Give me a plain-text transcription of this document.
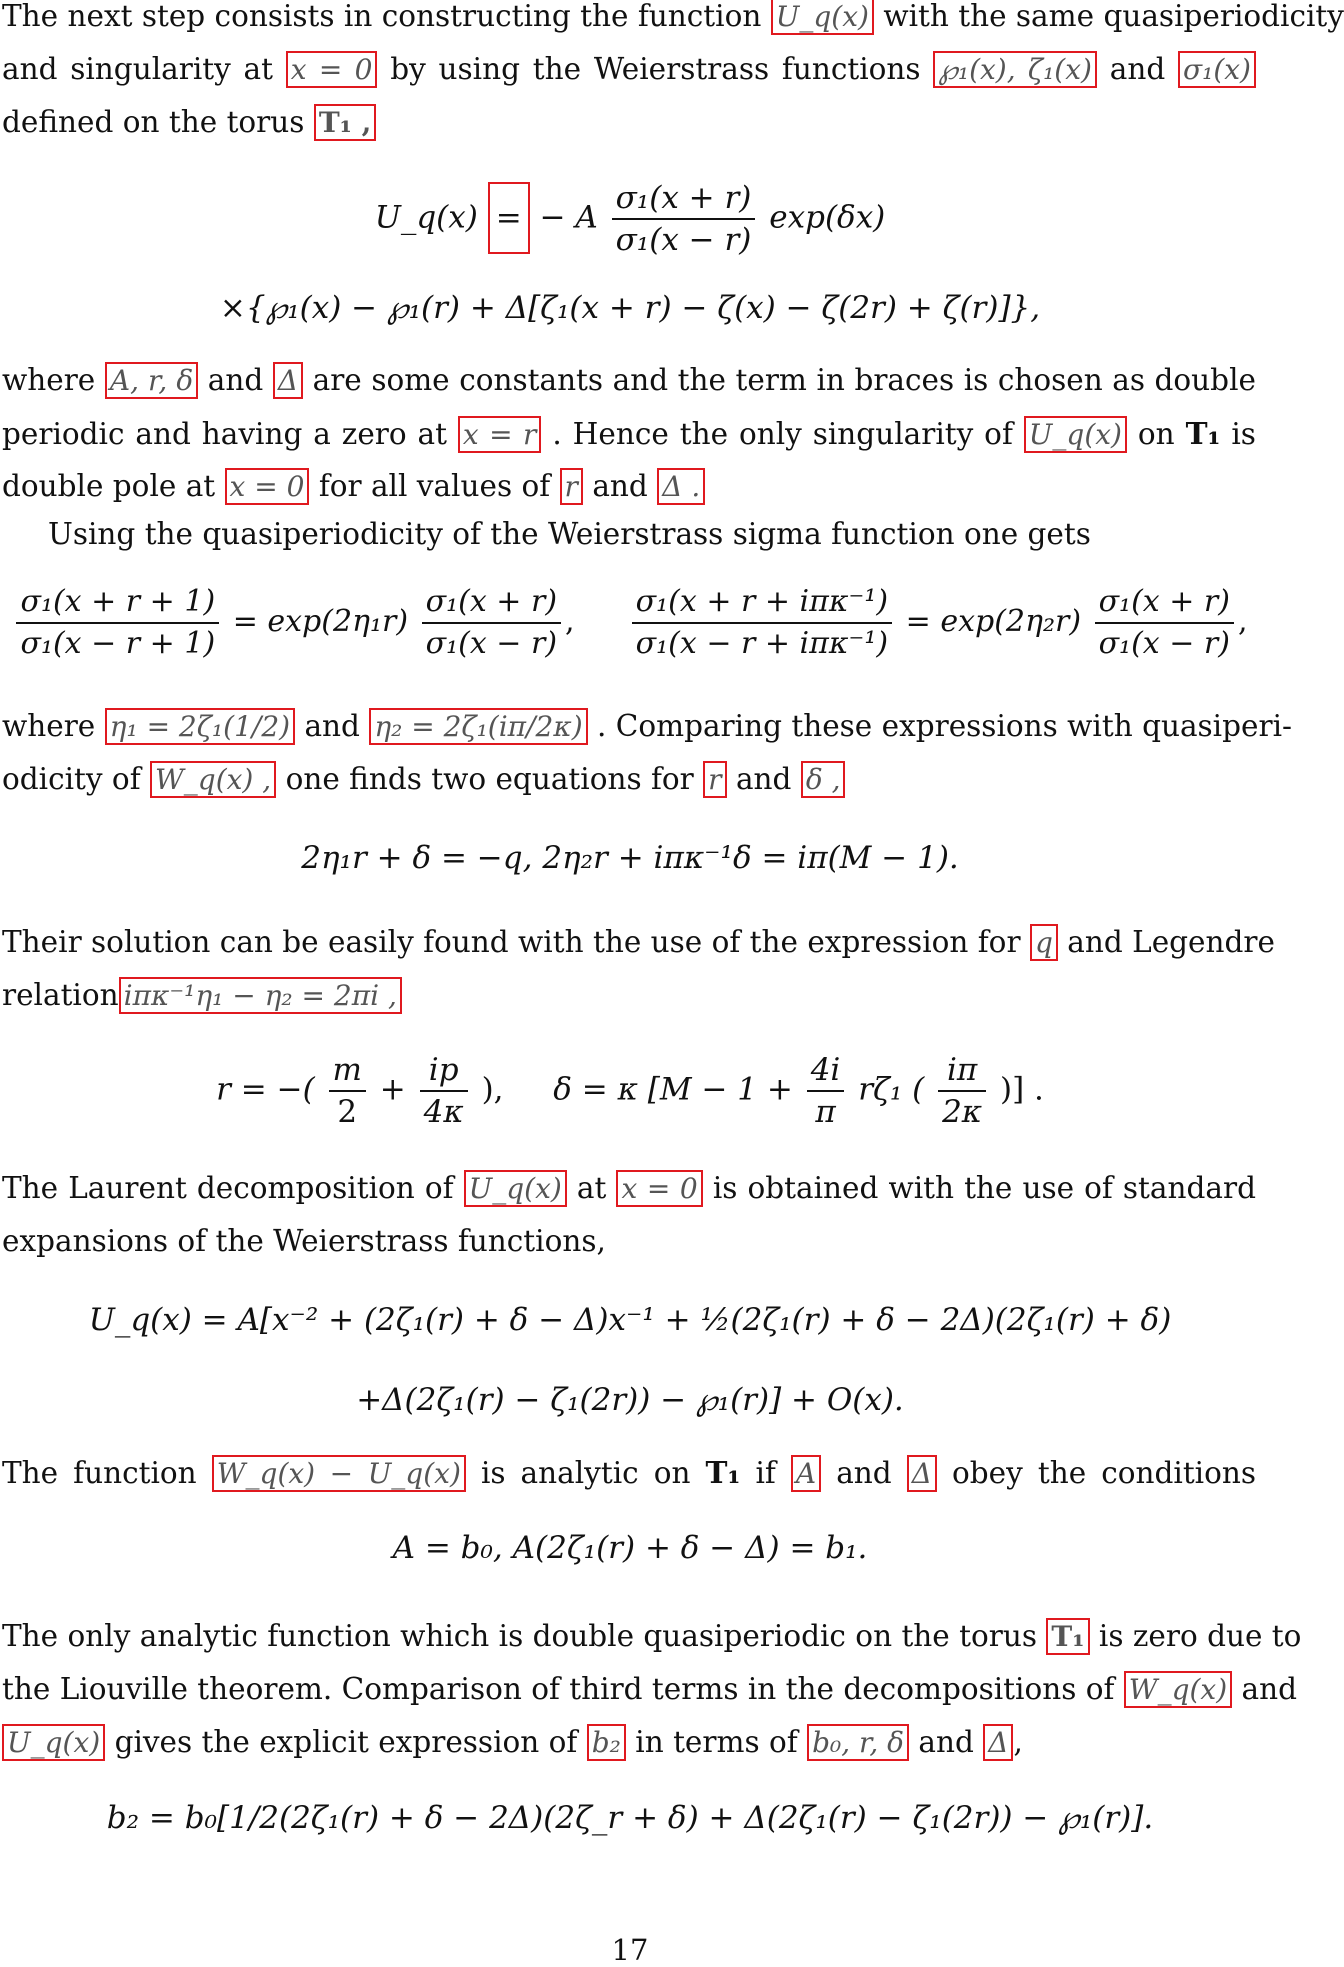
The next step consists in constructing the function U_q(x) with the same quasiperiodicity
and singularity at x = 0 by using the Weierstrass functions ℘₁(x), ζ₁(x) and σ₁(x)
defined on the torus T₁ ,
U_q(x) = − A $\frac{\text{σ₁(x + r)}}{\text{σ₁(x − r)}} \exp(\delta x)$
×{℘₁(x) − ℘₁(r) + Δ[ζ₁(x + r) − ζ(x) − ζ(2r) + ζ(r)]},
where A, r, δ and Δ are some constants and the term in braces is chosen as double
periodic and having a zero at x = r . Hence the only singularity of U_q(x) on T₁ is
double pole at x = 0 for all values of r and Δ .
Using the quasiperiodicity of the Weierstrass sigma function one gets
$\frac{\text{σ₁(x + r + 1)}}{\text{σ₁(x − r + 1)}} = \exp(2\eta_1r) \frac{\text{σ₁(x + r)}}{\text{σ₁(x − r)}}$ , $\frac{\text{σ₁(x + r + iπκ⁻¹)}}{\text{σ₁(x − r + iπκ⁻¹)}} = \exp(2\eta_2r) \frac{\text{σ₁(x + r)}}{\text{σ₁(x − r)}}$ ,
where η₁ = 2ζ₁(1/2) and η₂ = 2ζ₁(iπ/2κ) . Comparing these expressions with quasiperi-
odicity of W_q(x) , one finds two equations for r and δ ,
2η₁r + δ = −q, 2η₂r + iπκ⁻¹δ = iπ(M − 1).
Their solution can be easily found with the use of the expression for q and Legendre
relation iπκ⁻¹η₁ − η₂ = 2πi ,
r = −( $\frac{m}{2} + \frac{ip}{4\kappa}$ ), δ = κ [$M - 1 + \frac{4i}{\pi} r\zeta_1$ ( $\frac{i\pi}{2\kappa}$ )] .
The Laurent decomposition of U_q(x) at x = 0 is obtained with the use of standard
expansions of the Weierstrass functions,
U_q(x) = A[x⁻² + (2ζ₁(r) + δ − Δ)x⁻¹ + ½(2ζ₁(r) + δ − 2Δ)(2ζ₁(r) + δ)
+Δ(2ζ₁(r) − ζ₁(2r)) − ℘₁(r)] + O(x).
The function W_q(x) − U_q(x) is analytic on T₁ if A and Δ obey the conditions
A = b₀, A(2ζ₁(r) + δ − Δ) = b₁.
The only analytic function which is double quasiperiodic on the torus T₁ is zero due to
the Liouville theorem. Comparison of third terms in the decompositions of W_q(x) and
U_q(x) gives the explicit expression of b₂ in terms of b₀, r, δ and Δ ,
b₂ = b₀[1/2(2ζ₁(r) + δ − 2Δ)(2ζ_r + δ) + Δ(2ζ₁(r) − ζ₁(2r)) − ℘₁(r)].
17
